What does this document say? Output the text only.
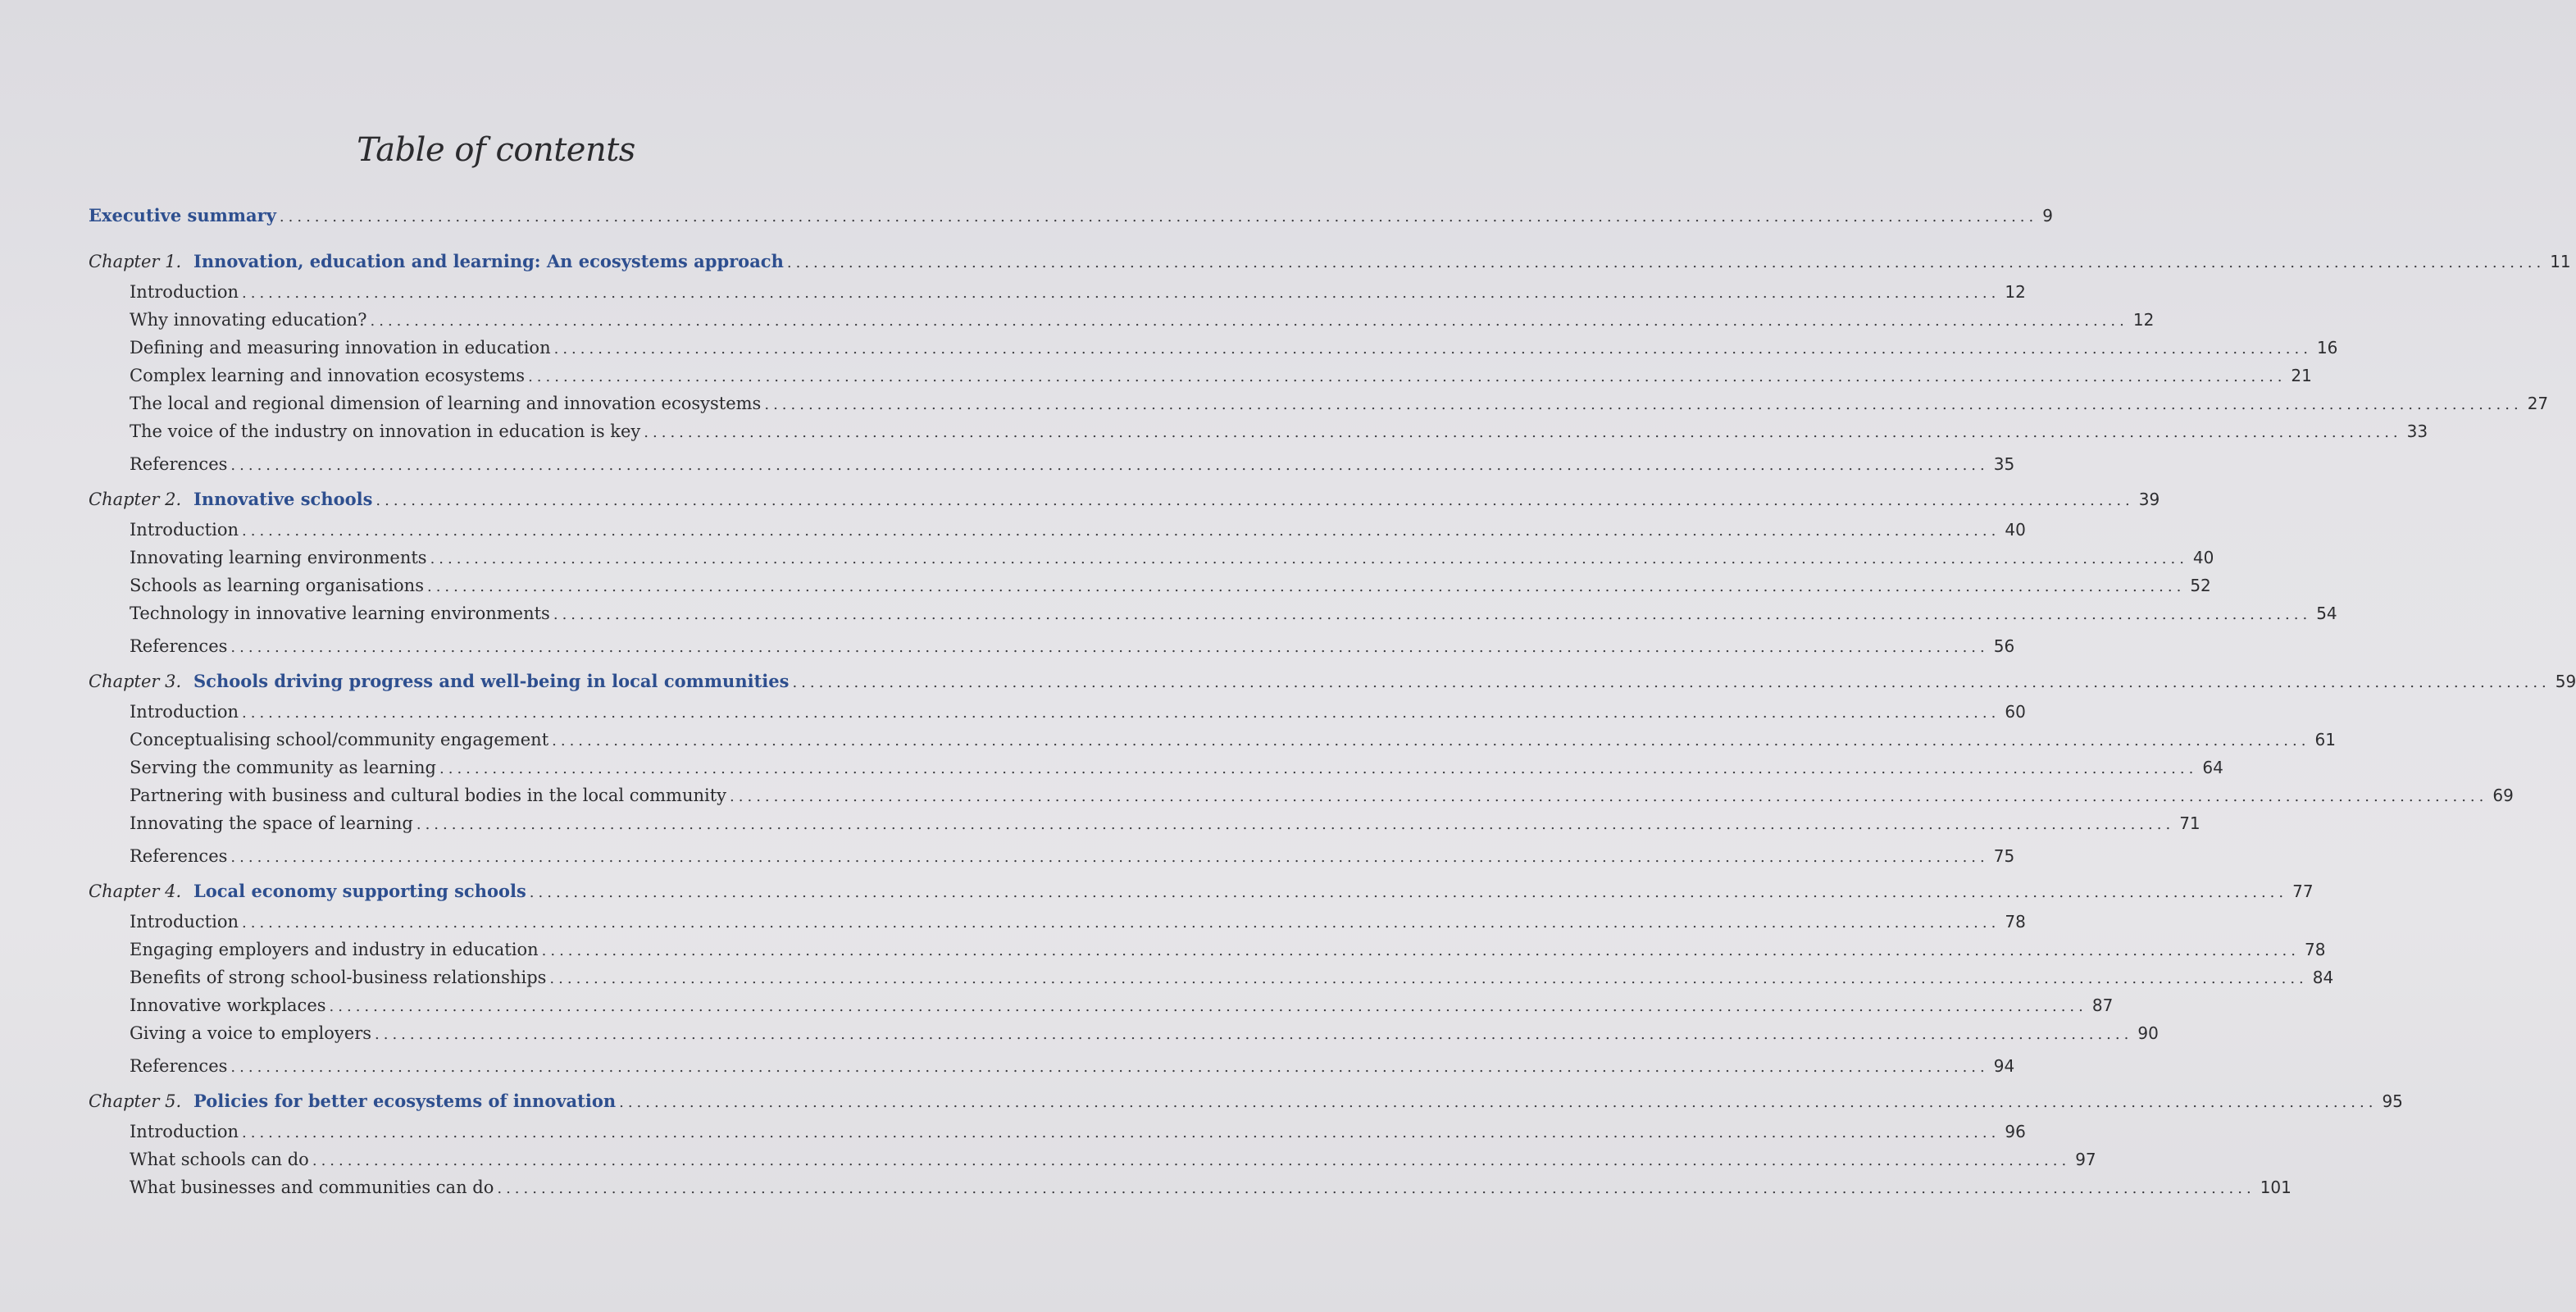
Table of contents
Executive summary ........................................................................................................................................................................................................ 9
Chapter 1. Innovation, education and learning: An ecosystems approach ........................................................................................................................................................................................................ 11
Introduction ........................................................................................................................................................................................................ 12
Why innovating education? ........................................................................................................................................................................................................ 12
Defining and measuring innovation in education ........................................................................................................................................................................................................ 16
Complex learning and innovation ecosystems ........................................................................................................................................................................................................ 21
The local and regional dimension of learning and innovation ecosystems ........................................................................................................................................................................................................ 27
The voice of the industry on innovation in education is key ........................................................................................................................................................................................................ 33
References ........................................................................................................................................................................................................ 35
Chapter 2. Innovative schools ........................................................................................................................................................................................................ 39
Introduction ........................................................................................................................................................................................................ 40
Innovating learning environments ........................................................................................................................................................................................................ 40
Schools as learning organisations ........................................................................................................................................................................................................ 52
Technology in innovative learning environments ........................................................................................................................................................................................................ 54
References ........................................................................................................................................................................................................ 56
Chapter 3. Schools driving progress and well-being in local communities ........................................................................................................................................................................................................ 59
Introduction ........................................................................................................................................................................................................ 60
Conceptualising school/community engagement ........................................................................................................................................................................................................ 61
Serving the community as learning ........................................................................................................................................................................................................ 64
Partnering with business and cultural bodies in the local community ........................................................................................................................................................................................................ 69
Innovating the space of learning ........................................................................................................................................................................................................ 71
References ........................................................................................................................................................................................................ 75
Chapter 4. Local economy supporting schools ........................................................................................................................................................................................................ 77
Introduction ........................................................................................................................................................................................................ 78
Engaging employers and industry in education ........................................................................................................................................................................................................ 78
Benefits of strong school-business relationships ........................................................................................................................................................................................................ 84
Innovative workplaces ........................................................................................................................................................................................................ 87
Giving a voice to employers ........................................................................................................................................................................................................ 90
References ........................................................................................................................................................................................................ 94
Chapter 5. Policies for better ecosystems of innovation ........................................................................................................................................................................................................ 95
Introduction ........................................................................................................................................................................................................ 96
What schools can do ........................................................................................................................................................................................................ 97
What businesses and communities can do ........................................................................................................................................................................................................ 101
